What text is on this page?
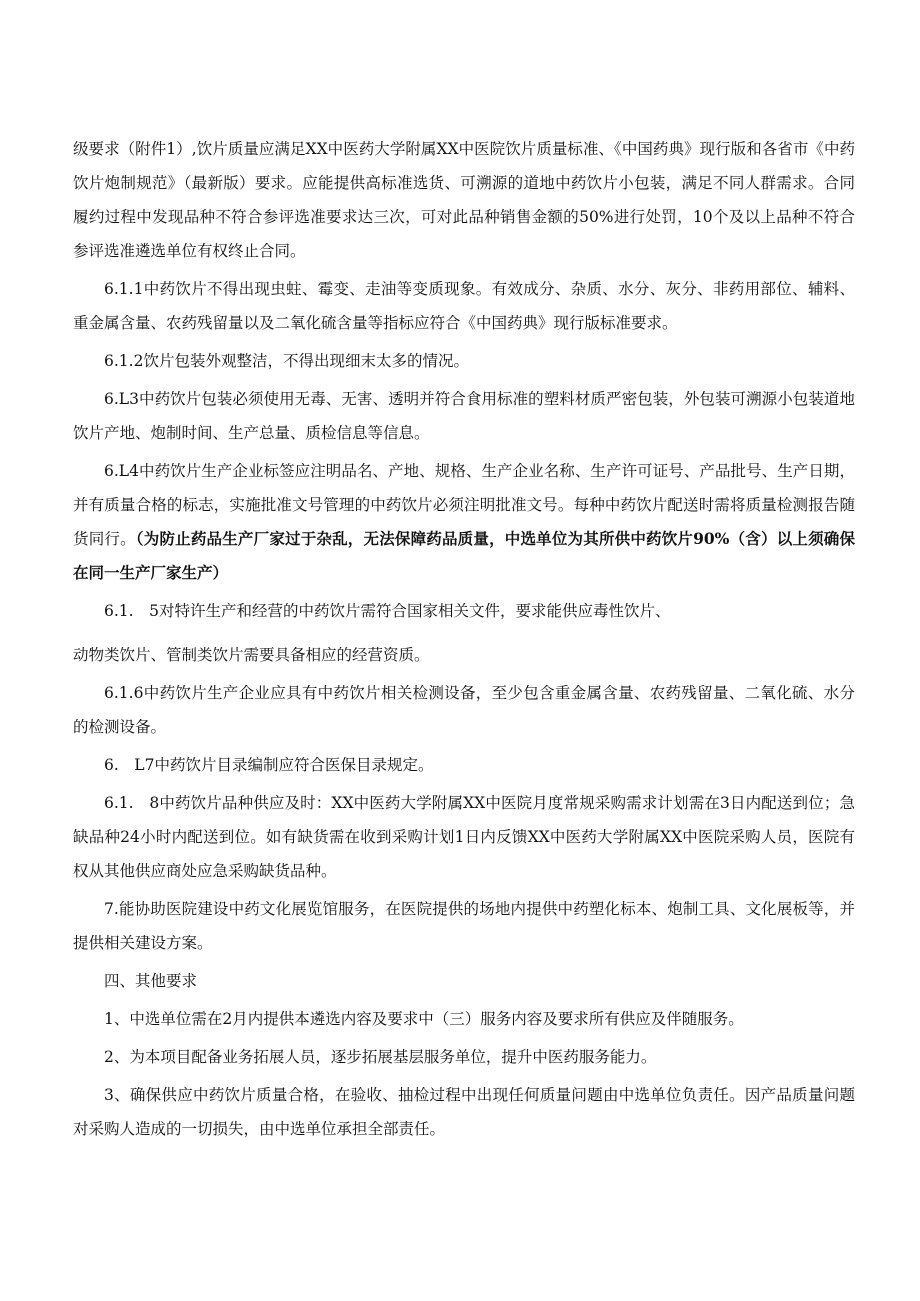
级要求（附件1）,饮片质量应满足XX中医药大学附属XX中医院饮片质量标准、《中国药典》现行版和各省市《中药饮片炮制规范》（最新版）要求。应能提供高标准选货、可溯源的道地中药饮片小包装，满足不同人群需求。合同履约过程中发现品种不符合参评选准要求达三次，可对此品种销售金额的50%进行处罚，10个及以上品种不符合参评选准遴选单位有权终止合同。

6.1.1中药饮片不得出现虫蛀、霉变、走油等变质现象。有效成分、杂质、水分、灰分、非药用部位、辅料、重金属含量、农药残留量以及二氧化硫含量等指标应符合《中国药典》现行版标准要求。

6.1.2饮片包装外观整洁，不得出现细末太多的情况。

6.L3中药饮片包装必须使用无毒、无害、透明并符合食用标准的塑料材质严密包装，外包装可溯源小包装道地饮片产地、炮制时间、生产总量、质检信息等信息。

6.L4中药饮片生产企业标签应注明品名、产地、规格、生产企业名称、生产许可证号、产品批号、生产日期，并有质量合格的标志，实施批准文号管理的中药饮片必须注明批准文号。每种中药饮片配送时需将质量检测报告随货同行。（为防止药品生产厂家过于杂乱，无法保障药品质量，中选单位为其所供中药饮片90%（含）以上须确保在同一生产厂家生产）

6.1.　5对特许生产和经营的中药饮片需符合国家相关文件，要求能供应毒性饮片、

动物类饮片、管制类饮片需要具备相应的经营资质。

6.1.6中药饮片生产企业应具有中药饮片相关检测设备，至少包含重金属含量、农药残留量、二氧化硫、水分的检测设备。

6.　L7中药饮片目录编制应符合医保目录规定。

6.1.　8中药饮片品种供应及时：XX中医药大学附属XX中医院月度常规采购需求计划需在3日内配送到位；急缺品种24小时内配送到位。如有缺货需在收到采购计划1日内反馈XX中医药大学附属XX中医院采购人员，医院有权从其他供应商处应急采购缺货品种。

7.能协助医院建设中药文化展览馆服务，在医院提供的场地内提供中药塑化标本、炮制工具、文化展板等，并提供相关建设方案。

四、其他要求

1、中选单位需在2月内提供本遴选内容及要求中（三）服务内容及要求所有供应及伴随服务。

2、为本项目配备业务拓展人员，逐步拓展基层服务单位，提升中医药服务能力。

3、确保供应中药饮片质量合格，在验收、抽检过程中出现任何质量问题由中选单位负责任。因产品质量问题对采购人造成的一切损失，由中选单位承担全部责任。
